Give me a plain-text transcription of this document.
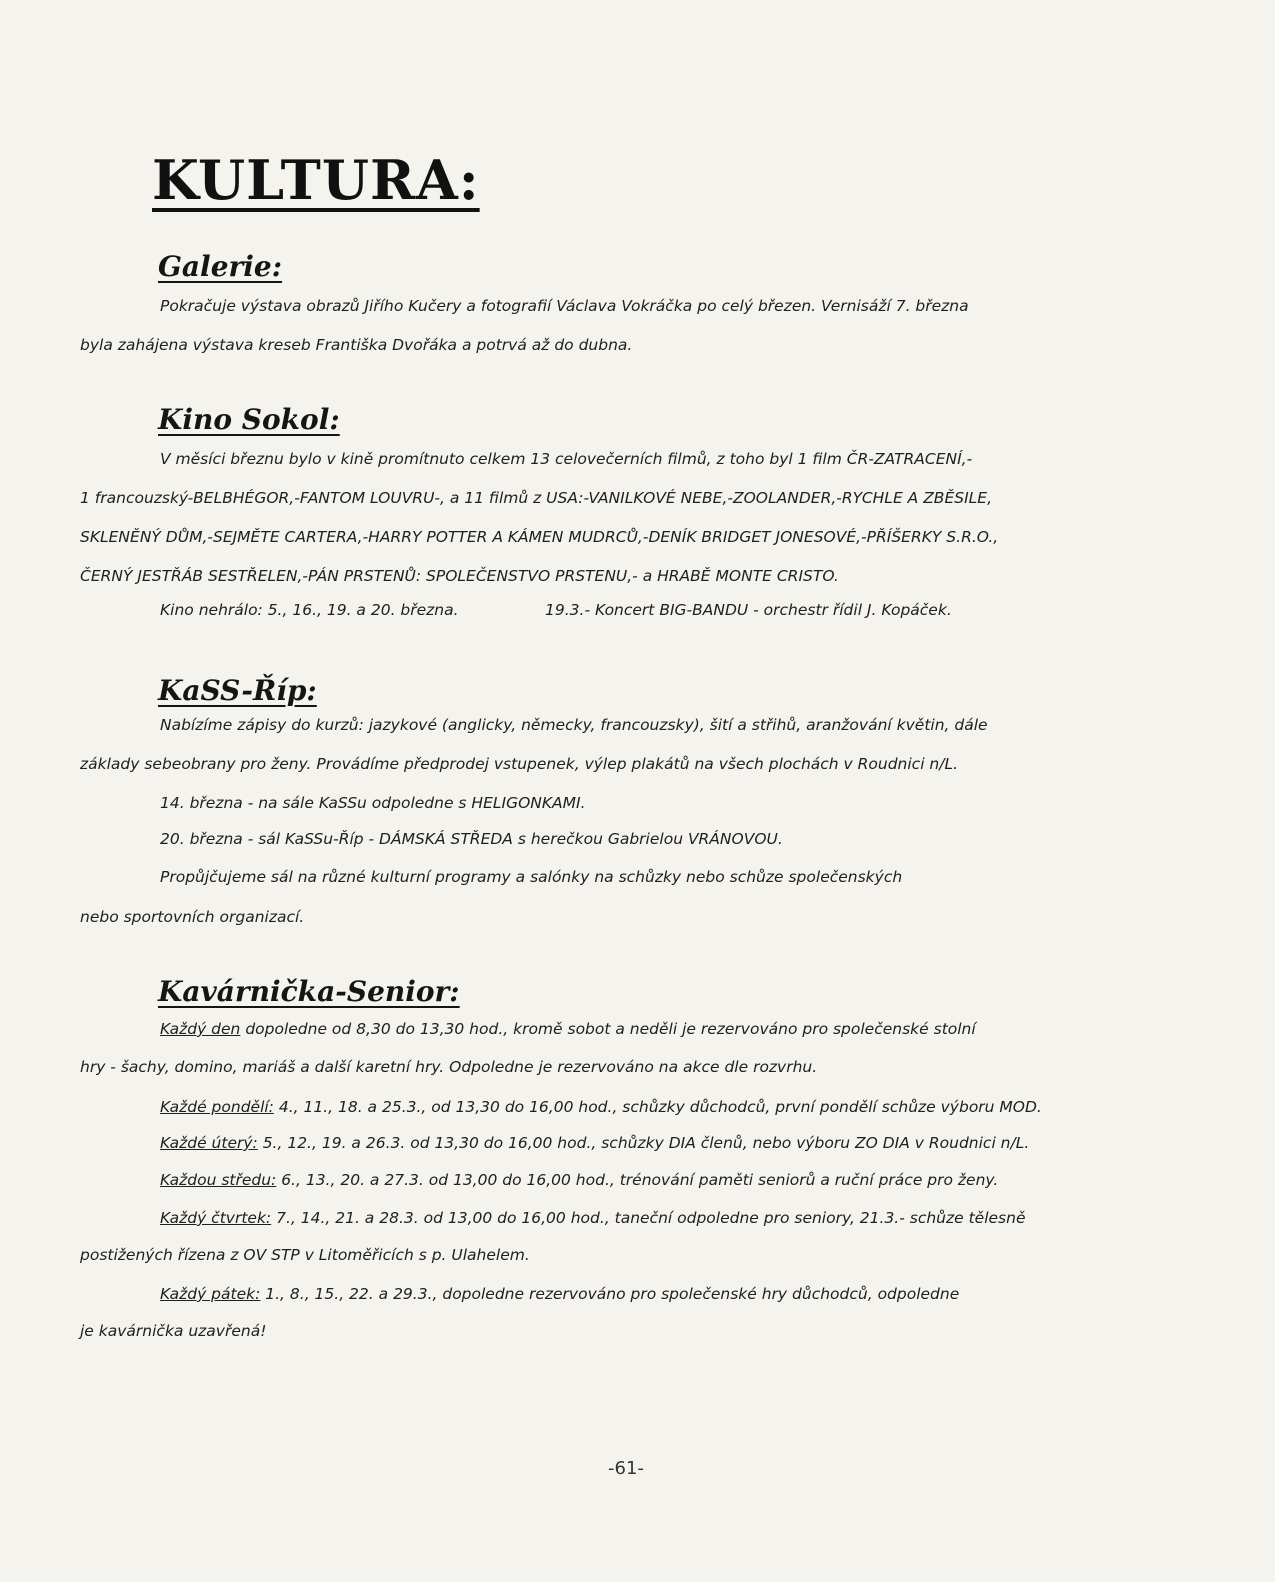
KULTURA:
Galerie:

Pokračuje výstava obrazů Jiřího Kučery a fotografií Václava Vokráčka po celý březen. Vernisáží 7. března

byla zahájena výstava kreseb Františka Dvořáka a potrvá až do dubna.

Kino Sokol:

V měsíci březnu bylo v kině promítnuto celkem 13 celovečerních filmů, z toho byl 1 film ČR-ZATRACENÍ,-

1 francouzský-BELBHÉGOR,-FANTOM LOUVRU-, a 11 filmů z USA:-VANILKOVÉ NEBE,-ZOOLANDER,-RYCHLE A ZBĚSILE,

SKLENĚNÝ DŮM,-SEJMĚTE CARTERA,-HARRY POTTER A KÁMEN MUDRCŮ,-DENÍK BRIDGET JONESOVÉ,-PŘÍŠERKY S.R.O.,

ČERNÝ JESTŘÁB SESTŘELEN,-PÁN PRSTENŮ: SPOLEČENSTVO PRSTENU,- a HRABĚ MONTE CRISTO.

Kino nehrálo: 5., 16., 19. a 20. března.	19.3.- Koncert BIG-BANDU - orchestr řídil J. Kopáček.

KaSS-Říp:

Nabízíme zápisy do kurzů: jazykové (anglicky, německy, francouzsky), šití a střihů, aranžování květin, dále

základy sebeobrany pro ženy. Provádíme předprodej vstupenek, výlep plakátů na všech plochách v Roudnici n/L.

14. března - na sále KaSSu odpoledne s HELIGONKAMI.

20. března - sál KaSSu-Říp - DÁMSKÁ STŘEDA s herečkou Gabrielou VRÁNOVOU.

Propůjčujeme sál na různé kulturní programy a salónky na schůzky nebo schůze společenských

nebo sportovních organizací.

Kavárnička-Senior:

Každý den dopoledne od 8,30 do 13,30 hod., kromě sobot a neděli je rezervováno pro společenské stolní

hry - šachy, domino, mariáš a další karetní hry. Odpoledne je rezervováno na akce dle rozvrhu.

Každé pondělí: 4., 11., 18. a 25.3., od 13,30 do 16,00 hod., schůzky důchodců, první pondělí schůze výboru MOD.

Každé úterý: 5., 12., 19. a 26.3. od 13,30 do 16,00 hod., schůzky DIA členů, nebo výboru ZO DIA v Roudnici n/L.

Každou středu: 6., 13., 20. a 27.3. od 13,00 do 16,00 hod., trénování paměti seniorů a ruční práce pro ženy.

Každý čtvrtek: 7., 14., 21. a 28.3. od 13,00 do 16,00 hod., taneční odpoledne pro seniory, 21.3.- schůze tělesně

postižených řízena z OV STP v Litoměřicích s p. Ulahelem.

Každý pátek: 1., 8., 15., 22. a 29.3., dopoledne rezervováno pro společenské hry důchodců, odpoledne

je kavárnička uzavřená!

-61-
